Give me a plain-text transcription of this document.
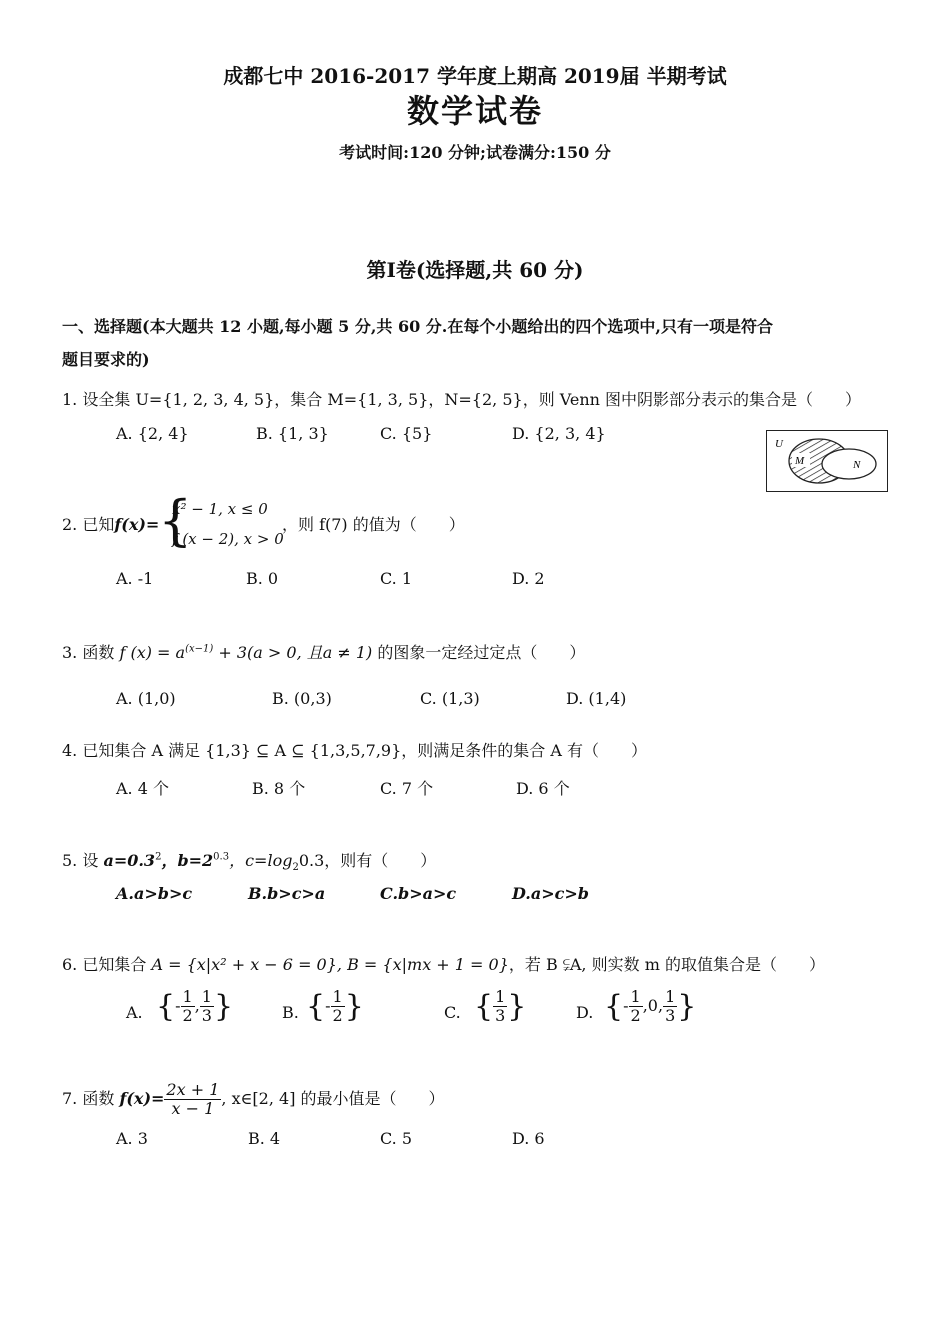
成都七中 2016-2017 学年度上期高 2019届 半期考试
数学试卷
考试时间:120 分钟;试卷满分:150 分
第Ⅰ卷(选择题,共 60 分)
一、选择题(本大题共 12 小题,每小题 5 分,共 60 分.在每个小题给出的四个选项中,只有一项是符合
题目要求的)
1. 设全集 U={1, 2, 3, 4, 5}，集合 M={1, 3, 5}，N={2, 5}，则 Venn 图中阴影部分表示的集合是（　　）
A. {2, 4}	B. {1, 3}	C. {5}	D. {2, 3, 4}
U
M	N
2. 已知f(x)=
{
x² − 1, x ≤ 0
f (x − 2), x > 0
，则 f(7) 的值为（　　）
A. -1	B. 0	C. 1	D. 2
3. 函数 f $(x) = a^{(x-1)} + 3(a > 0$, 且a ≠ 1) 的图象一定经过定点（　　）
A. (1,0)	B. (0,3)	C. (1,3)	D. (1,4)
4. 已知集合 A 满足 {1,3} ⊆ A ⊆ {1,3,5,7,9}，则满足条件的集合 A 有（　　）
A. 4 个	B. 8 个	C. 7 个	D. 6 个
5. 设 $a=0.3^2$，$b=2^{0.3}$，$c=\log_20.3$，则有（　　）
A.a>b>c	B.b>c>a	C.b>a>c	D.a>c>b
6. 已知集合 A = {x|x² + x − 6 = 0}, B = {x|mx + 1 = 0}，若 B ⫋A, 则实数 m 的取值集合是（　　）
A. {- $\frac{1}{2}$ , $\frac{1}{3}$ }	B. {- $\frac{1}{2}$ }	C. { $\frac{1}{3}$ }	D. {- $\frac{1}{2} ,0$, $\frac{1}{3}$ }
7. 函数 $f(x)= \frac{2x + 1}{x - 1}$ , x∈[2, 4] 的最小值是（　　）
A. 3	B. 4	C. 5	D. 6
